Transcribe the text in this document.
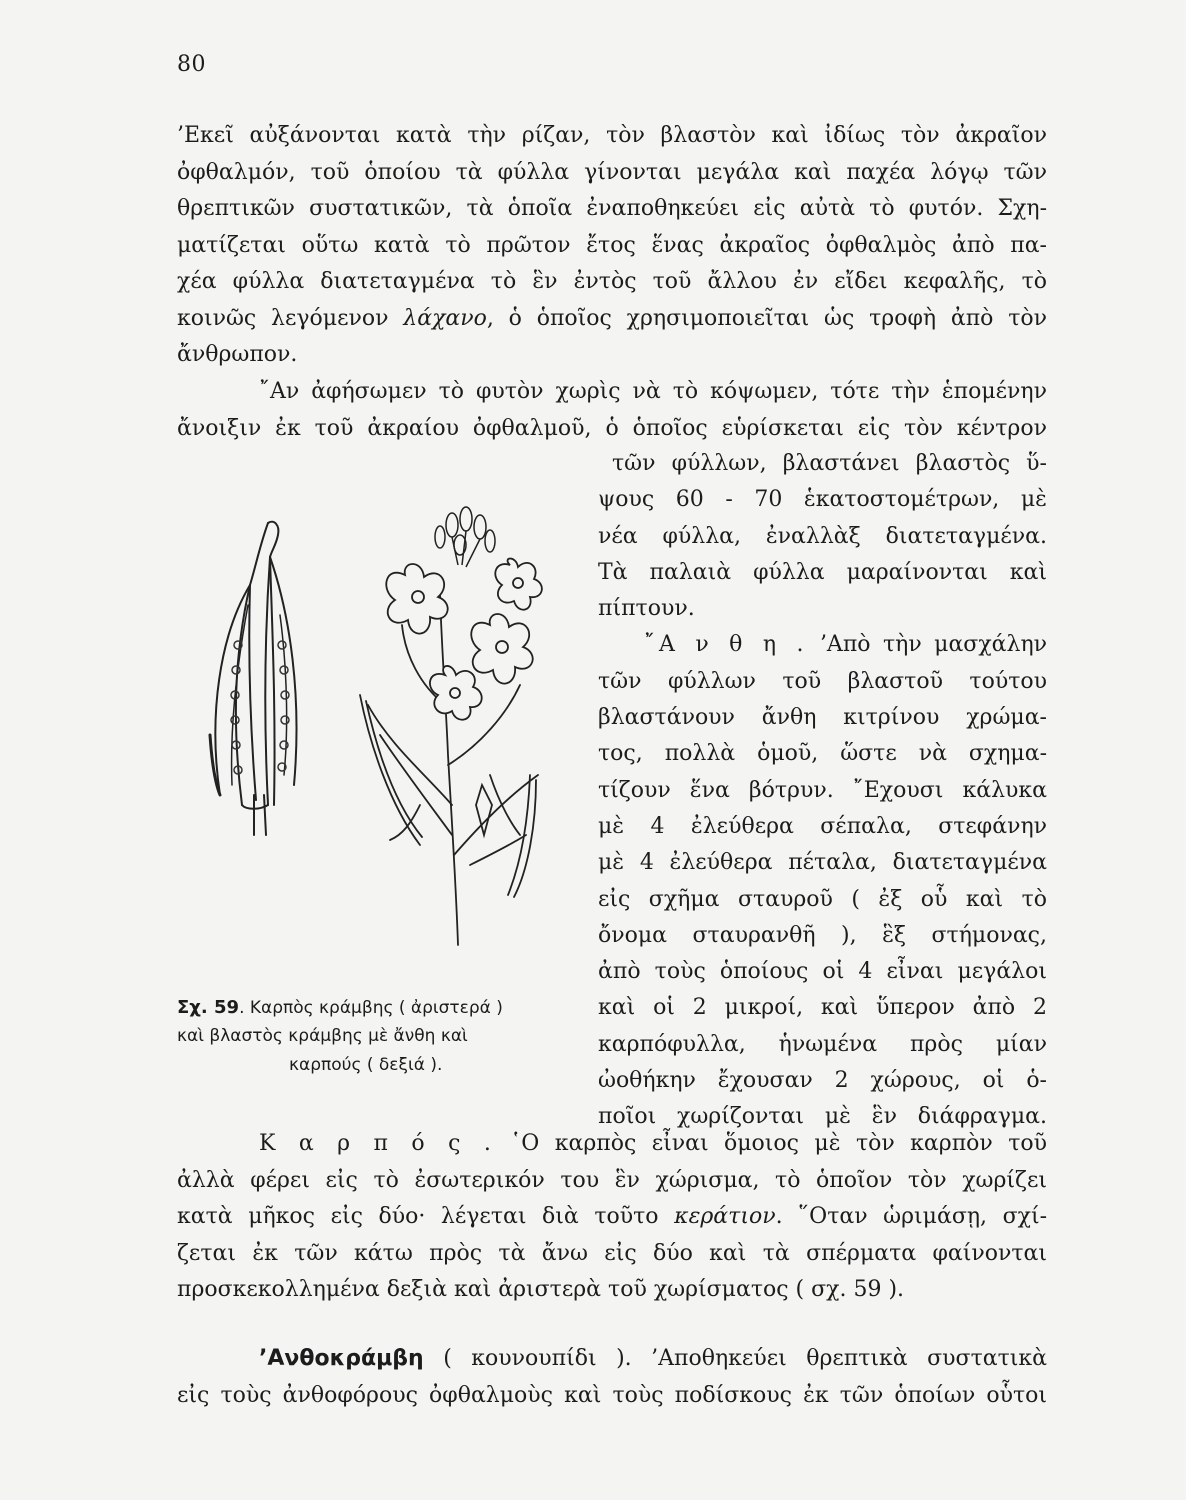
80
’Εκεῖ αὐξάνονται κατὰ τὴν ρίζαν, τὸν βλαστὸν καὶ ἰδίως τὸν ἀκραῖον
ὀφθαλμόν, τοῦ ὁποίου τὰ φύλλα γίνονται μεγάλα καὶ παχέα λόγῳ τῶν
θρεπτικῶν συστατικῶν, τὰ ὁποῖα ἐναποθηκεύει εἰς αὐτὰ τὸ φυτόν. Σχη-
ματίζεται οὕτω κατὰ τὸ πρῶτον ἔτος ἕνας ἀκραῖος ὀφθαλμὸς ἀπὸ πα-
χέα φύλλα διατεταγμένα τὸ ἓν ἐντὸς τοῦ ἄλλου ἐν εἴδει κεφαλῆς, τὸ
κοινῶς λεγόμενον λάχανο, ὁ ὁποῖος χρησιμοποιεῖται ὡς τροφὴ ἀπὸ τὸν
ἄνθρωπον.
῎Αν ἀφήσωμεν τὸ φυτὸν χωρὶς νὰ τὸ κόψωμεν, τότε τὴν ἑπομένην
ἄνοιξιν ἐκ τοῦ ἀκραίου ὀφθαλμοῦ, ὁ ὁποῖος εὑρίσκεται εἰς τὸν κέντρον
τῶν φύλλων, βλαστάνει βλαστὸς ὕ-
ψους 60 - 70 ἑκατοστομέτρων, μὲ
νέα φύλλα, ἐναλλὰξ διατεταγμένα.
Τὰ παλαιὰ φύλλα μαραίνονται καὶ
πίπτουν.
῎Α ν θ η . ’Απὸ τὴν μασχάλην
τῶν φύλλων τοῦ βλαστοῦ τούτου
βλαστάνουν ἄνθη κιτρίνου χρώμα-
τος, πολλὰ ὁμοῦ, ὥστε νὰ σχημα-
τίζουν ἕνα βότρυν. ῎Εχουσι κάλυκα
μὲ 4 ἐλεύθερα σέπαλα, στεφάνην
μὲ 4 ἐλεύθερα πέταλα, διατεταγμένα
εἰς σχῆμα σταυροῦ ( ἐξ οὗ καὶ τὸ
ὄνομα σταυρανθῆ ), ἓξ στήμονας,
ἀπὸ τοὺς ὁποίους οἱ 4 εἶναι μεγάλοι
καὶ οἱ 2 μικροί, καὶ ὕπερον ἀπὸ 2
καρπόφυλλα, ἡνωμένα πρὸς μίαν
ὠοθήκην ἔχουσαν 2 χώρους, οἱ ὁ-
ποῖοι χωρίζονται μὲ ἓν διάφραγμα.
Σχ. 59. Καρπὸς κράμβης ( ἀριστερά )
καὶ βλαστὸς κράμβης μὲ ἄνθη καὶ
καρπούς ( δεξιά ).
Κ α ρ π ό ς . ῾Ο καρπὸς εἶναι ὅμοιος μὲ τὸν καρπὸν τοῦ
ἀλλὰ φέρει εἰς τὸ ἐσωτερικόν του ἓν χώρισμα, τὸ ὁποῖον τὸν χωρίζει
κατὰ μῆκος εἰς δύο· λέγεται διὰ τοῦτο κεράτιον. ῞Οταν ὡριμάσῃ, σχί-
ζεται ἐκ τῶν κάτω πρὸς τὰ ἄνω εἰς δύο καὶ τὰ σπέρματα φαίνονται
προσκεκολλημένα δεξιὰ καὶ ἀριστερὰ τοῦ χωρίσματος ( σχ. 59 ).
’Ανθοκράμβη ( κουνουπίδι ). ’Αποθηκεύει θρεπτικὰ συστατικὰ
εἰς τοὺς ἀνθοφόρους ὀφθαλμοὺς καὶ τοὺς ποδίσκους ἐκ τῶν ὁποίων οὗτοι
